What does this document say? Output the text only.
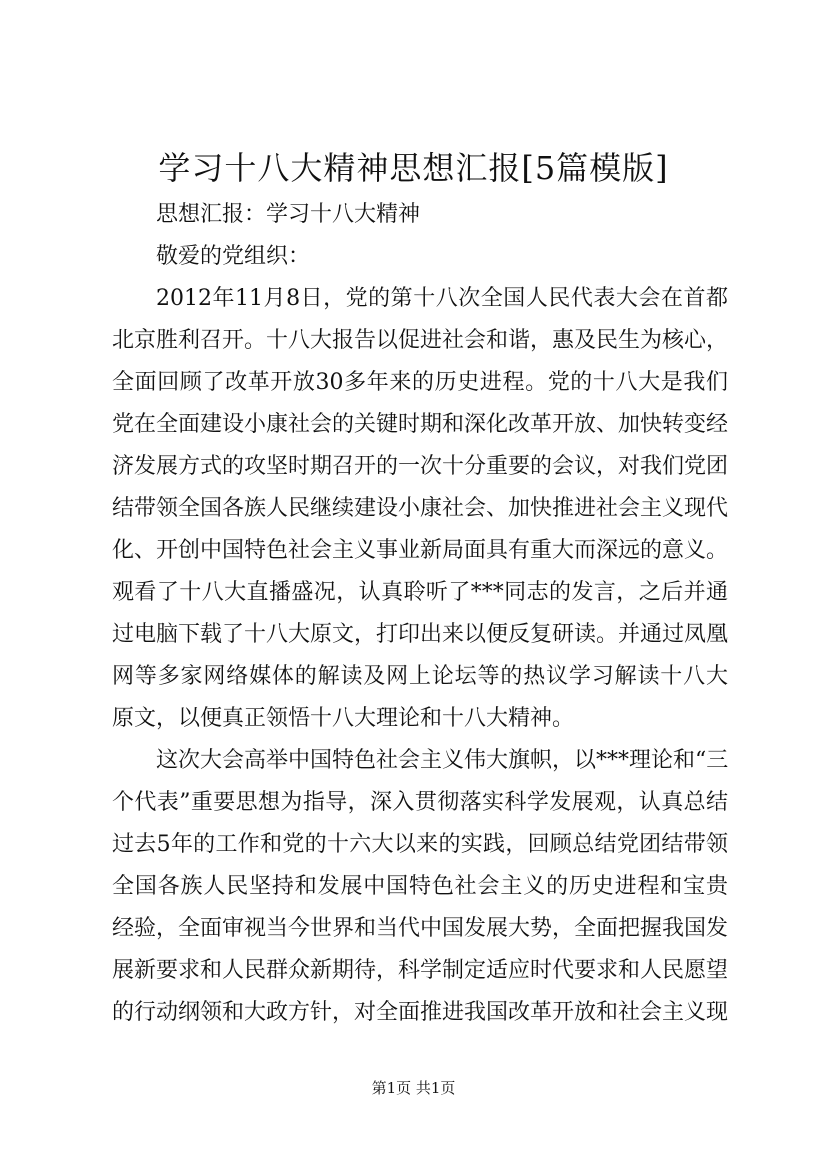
学习十八大精神思想汇报[5篇模版]
思想汇报：学习十八大精神
敬爱的党组织：
2012年11月8日，党的第十八次全国人民代表大会在首都
北京胜利召开。十八大报告以促进社会和谐，惠及民生为核心，
全面回顾了改革开放30多年来的历史进程。党的十八大是我们
党在全面建设小康社会的关键时期和深化改革开放、加快转变经
济发展方式的攻坚时期召开的一次十分重要的会议，对我们党团
结带领全国各族人民继续建设小康社会、加快推进社会主义现代
化、开创中国特色社会主义事业新局面具有重大而深远的意义。
观看了十八大直播盛况，认真聆听了***同志的发言，之后并通
过电脑下载了十八大原文，打印出来以便反复研读。并通过凤凰
网等多家网络媒体的解读及网上论坛等的热议学习解读十八大
原文，以便真正领悟十八大理论和十八大精神。
这次大会高举中国特色社会主义伟大旗帜，以***理论和“三
个代表”重要思想为指导，深入贯彻落实科学发展观，认真总结
过去5年的工作和党的十六大以来的实践，回顾总结党团结带领
全国各族人民坚持和发展中国特色社会主义的历史进程和宝贵
经验，全面审视当今世界和当代中国发展大势，全面把握我国发
展新要求和人民群众新期待，科学制定适应时代要求和人民愿望
的行动纲领和大政方针，对全面推进我国改革开放和社会主义现
第1页 共1页
